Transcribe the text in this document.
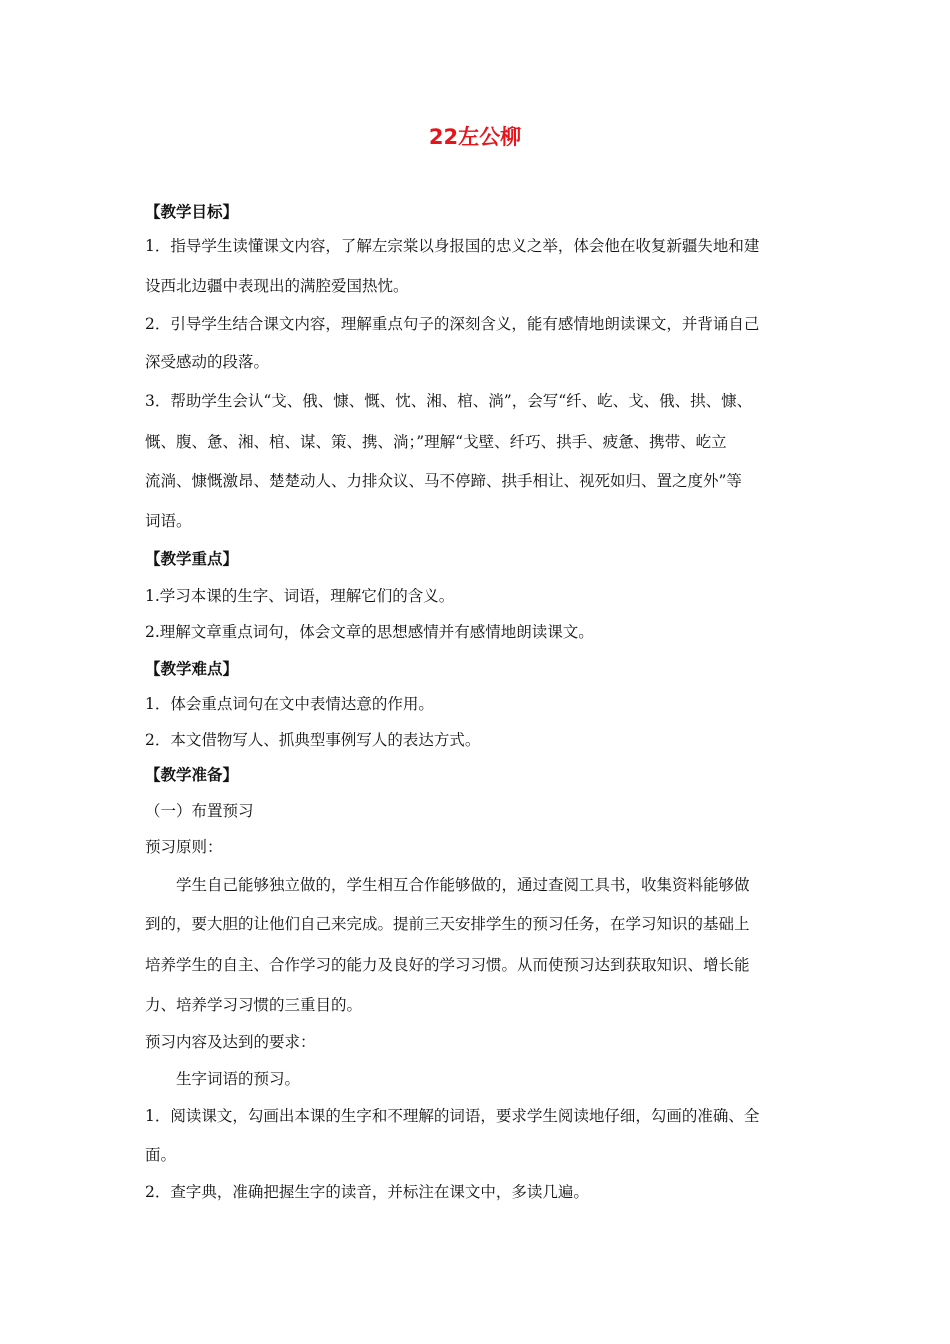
22左公柳
【教学目标】
1．指导学生读懂课文内容，了解左宗棠以身报国的忠义之举，体会他在收复新疆失地和建
设西北边疆中表现出的满腔爱国热忱。
2．引导学生结合课文内容，理解重点句子的深刻含义，能有感情地朗读课文，并背诵自己
深受感动的段落。
3．帮助学生会认“戈、俄、慷、慨、忱、湘、棺、淌”，会写“纤、屹、戈、俄、拱、慷、
慨、腹、惫、湘、棺、谋、策、携、淌；”理解“戈壁、纤巧、拱手、疲惫、携带、屹立
流淌、慷慨激昂、楚楚动人、力排众议、马不停蹄、拱手相让、视死如归、置之度外”等
词语。
【教学重点】
1.学习本课的生字、词语，理解它们的含义。
2.理解文章重点词句，体会文章的思想感情并有感情地朗读课文。
【教学难点】
1．体会重点词句在文中表情达意的作用。
2．本文借物写人、抓典型事例写人的表达方式。
【教学准备】
（一）布置预习
预习原则：
学生自己能够独立做的，学生相互合作能够做的，通过查阅工具书，收集资料能够做
到的，要大胆的让他们自己来完成。提前三天安排学生的预习任务，在学习知识的基础上
培养学生的自主、合作学习的能力及良好的学习习惯。从而使预习达到获取知识、增长能
力、培养学习习惯的三重目的。
预习内容及达到的要求：
生字词语的预习。
1．阅读课文，勾画出本课的生字和不理解的词语，要求学生阅读地仔细，勾画的准确、全
面。
2．查字典，准确把握生字的读音，并标注在课文中，多读几遍。
